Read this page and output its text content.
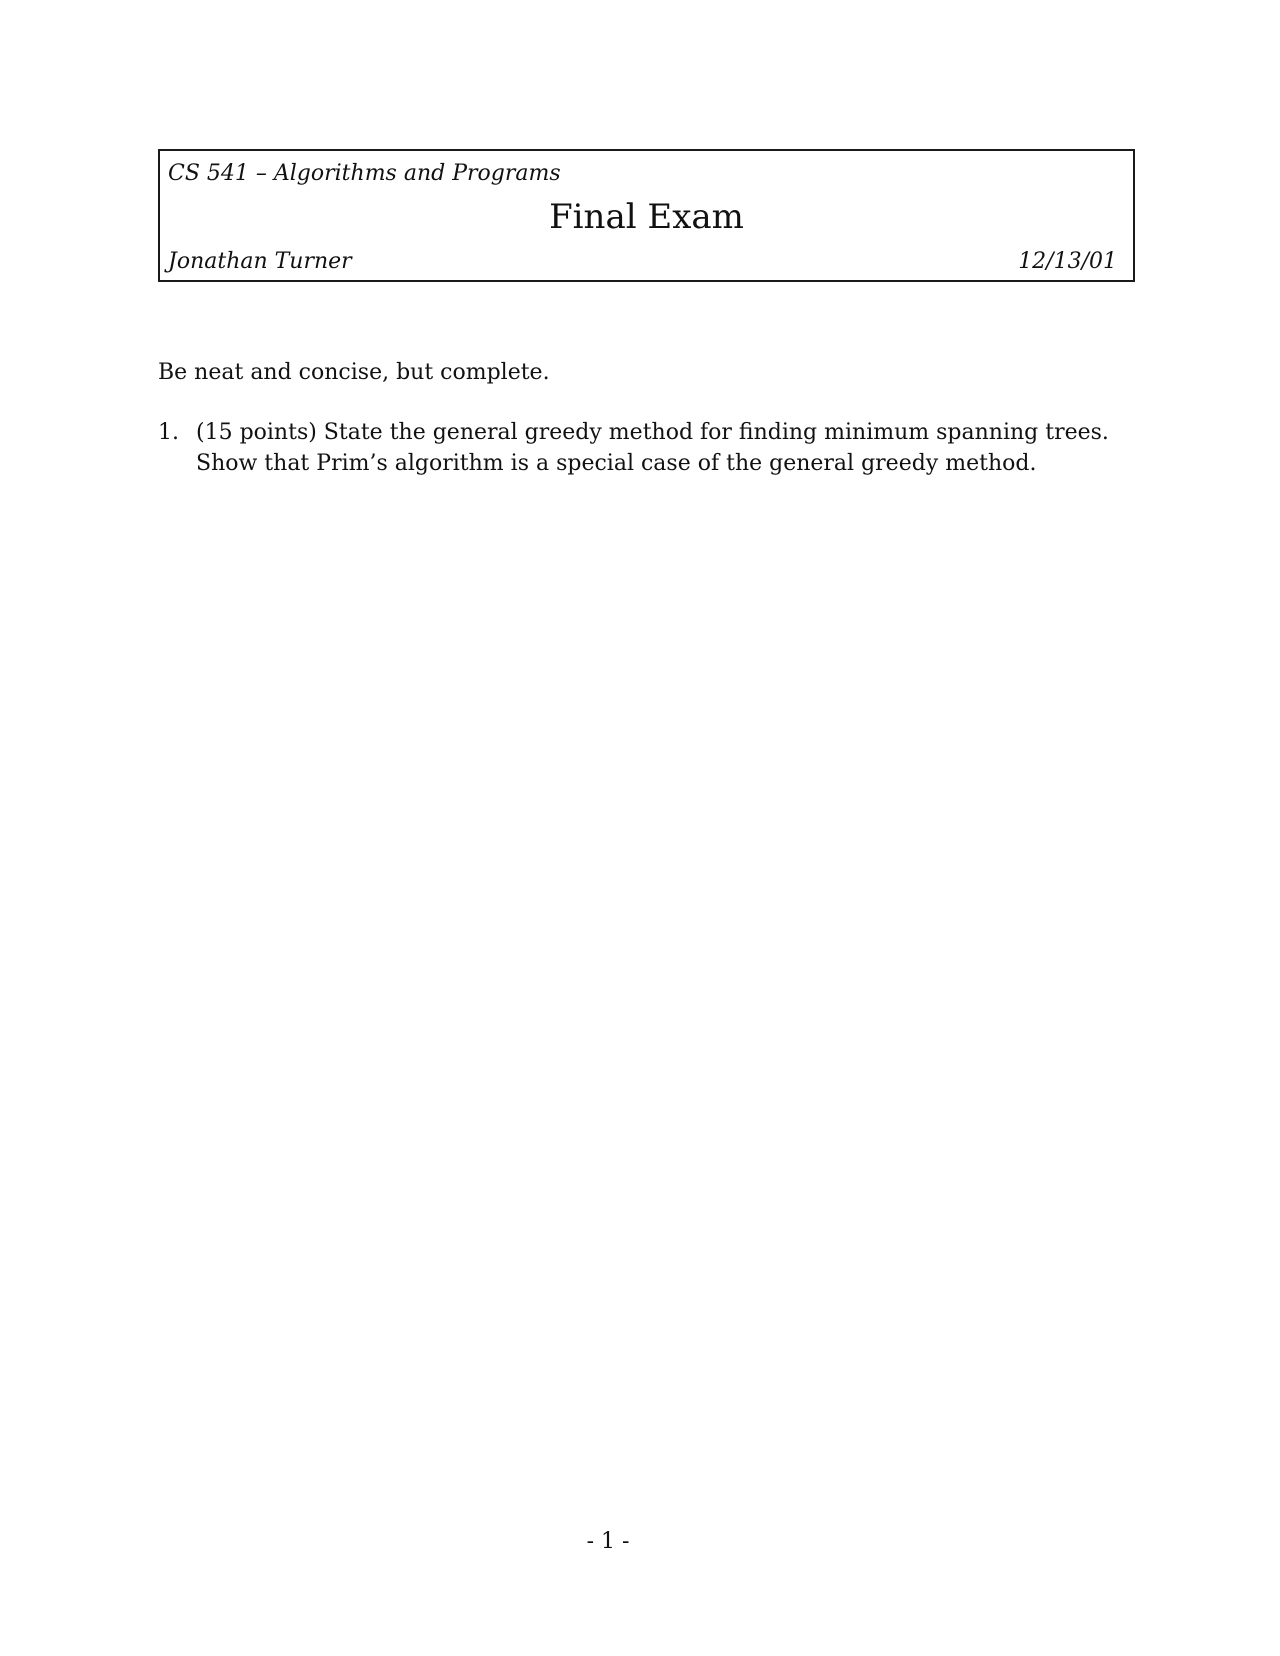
CS 541 – Algorithms and Programs
Final Exam
Jonathan Turner	12/13/01
Be neat and concise, but complete.
1. (15 points) State the general greedy method for finding minimum spanning trees. Show that Prim’s algorithm is a special case of the general greedy method.
- 1 -
